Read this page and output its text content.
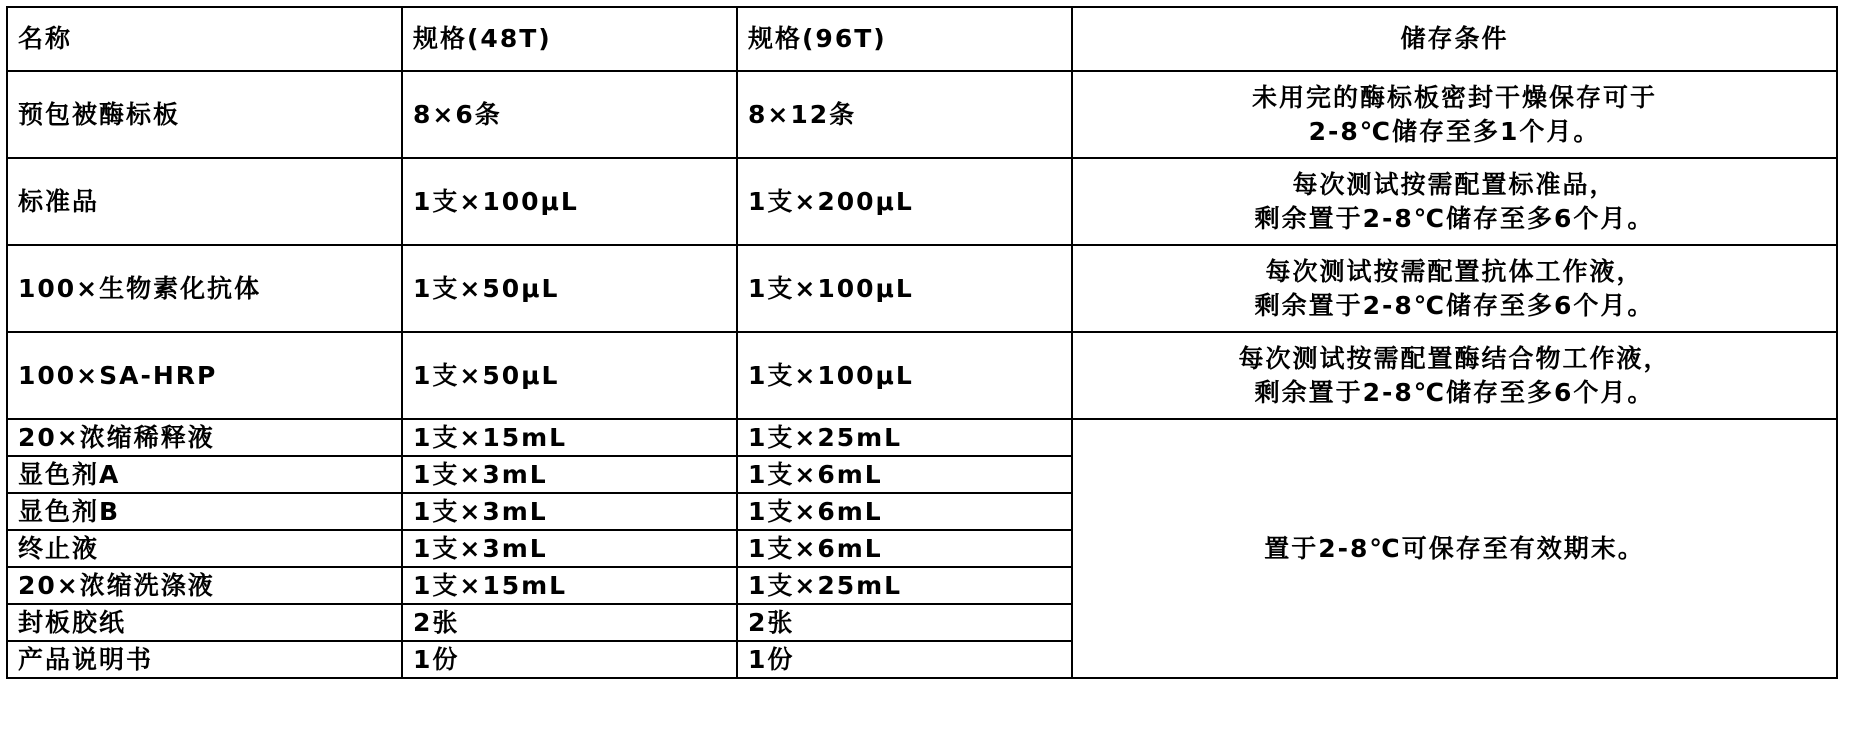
名称	规格(48T)	规格(96T)	储存条件
预包被酶标板	8×6条	8×12条	未用完的酶标板密封干燥保存可于
2-8℃储存至多1个月。

标准品	1支×100μL	1支×200μL	每次测试按需配置标准品，
剩余置于2-8℃储存至多6个月。

100×生物素化抗体	1支×50μL	1支×100μL	每次测试按需配置抗体工作液，
剩余置于2-8℃储存至多6个月。

100×SA-HRP	1支×50μL	1支×100μL	每次测试按需配置酶结合物工作液，
剩余置于2-8℃储存至多6个月。

20×浓缩稀释液	1支×15mL	1支×25mL	置于2-8℃可保存至有效期末。
显色剂A	1支×3mL	1支×6mL	
显色剂B	1支×3mL	1支×6mL	
终止液	1支×3mL	1支×6mL	
20×浓缩洗涤液	1支×15mL	1支×25mL	
封板胶纸	2张	2张	
产品说明书	1份	1份	
